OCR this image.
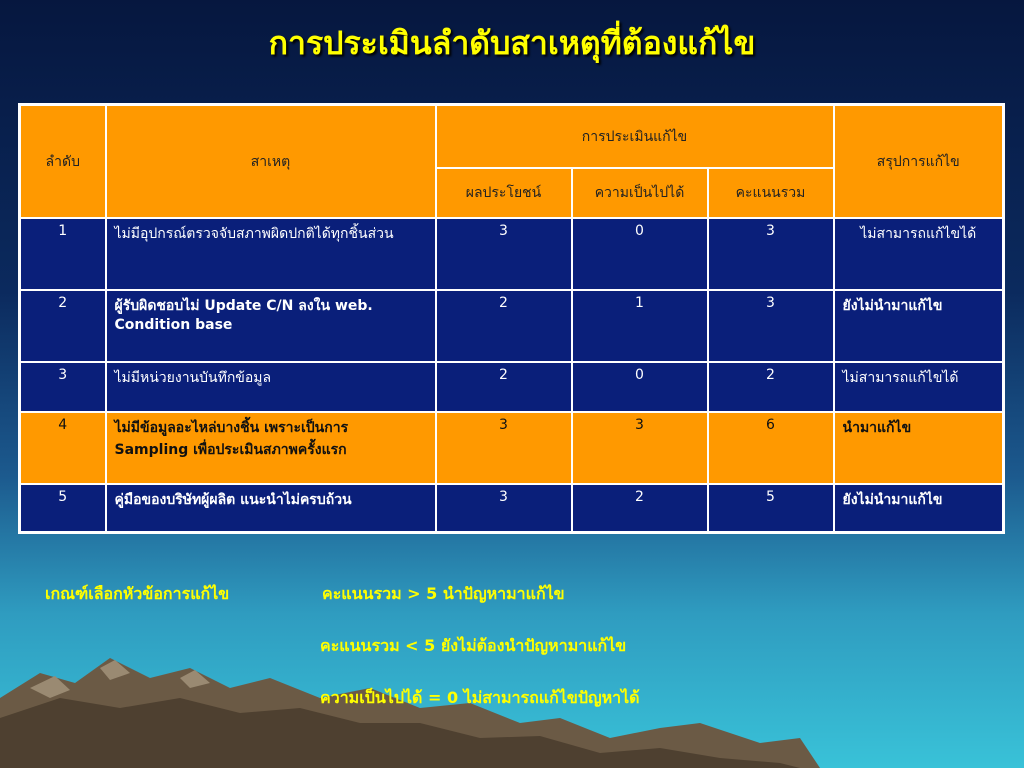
การประเมินลำดับสาเหตุที่ต้องแก้ไข
ลำดับ	สาเหตุ	การประเมินแก้ไข			สรุปการแก้ไข
		ผลประโยชน์	ความเป็นไปได้	คะแนนรวม	
1	ไม่มีอุปกรณ์ตรวจจับสภาพผิดปกติได้ทุกชิ้นส่วน	3	0	3	ไม่สามารถแก้ไขได้
2	ผู้รับผิดชอบไม่ Update C/N ลงใน web. Condition base	2	1	3	ยังไม่นำมาแก้ไข
3	ไม่มีหน่วยงานบันทึกข้อมูล	2	0	2	ไม่สามารถแก้ไขได้
4	ไม่มีข้อมูลอะไหล่บางชิ้น เพราะเป็นการ Sampling เพื่อประเมินสภาพครั้งแรก	3	3	6	นำมาแก้ไข
5	คู่มือของบริษัทผู้ผลิต แนะนำไม่ครบถ้วน	3	2	5	ยังไม่นำมาแก้ไข
เกณฑ์เลือกหัวข้อการแก้ไข	คะแนนรวม > 5 นำปัญหามาแก้ไข
คะแนนรวม < 5 ยังไม่ต้องนำปัญหามาแก้ไข
ความเป็นไปได้ = 0 ไม่สามารถแก้ไขปัญหาได้
